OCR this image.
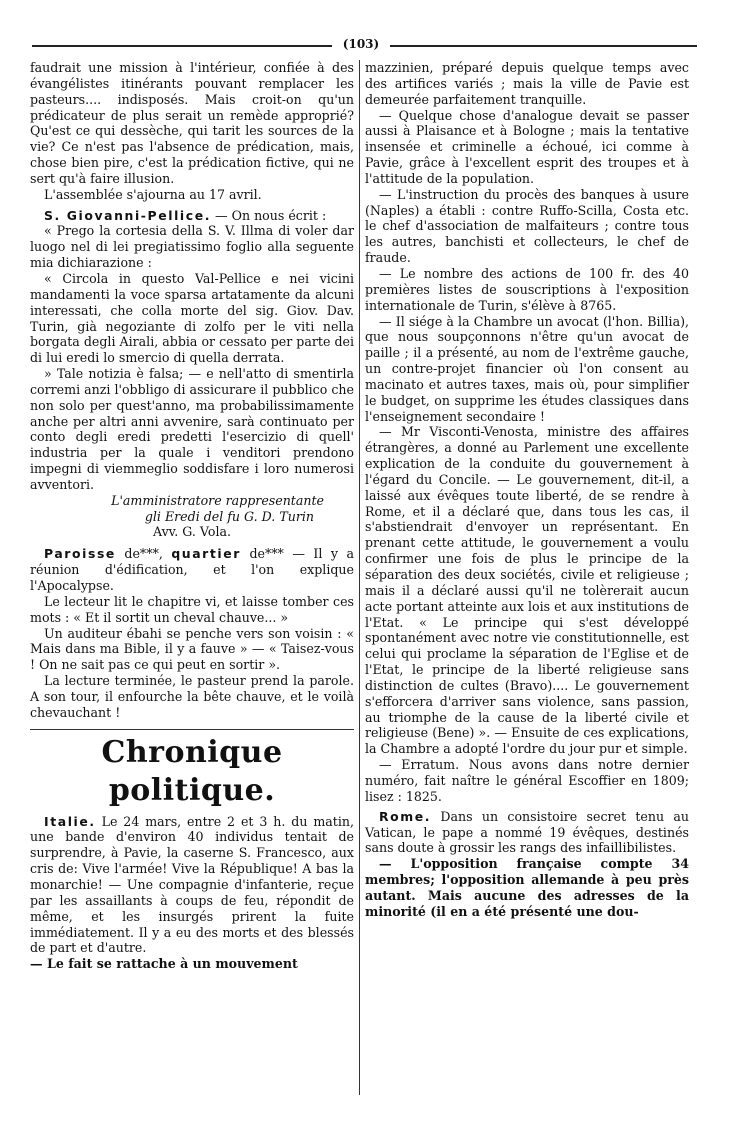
(103)

faudrait une mission à l'intérieur, confiée à des évangélistes itinérants pouvant remplacer les pasteurs.... indisposés. Mais croit-on qu'un prédicateur de plus serait un remède approprié? Qu'est ce qui dessèche, qui tarit les sources de la vie? Ce n'est pas l'absence de prédication, mais, chose bien pire, c'est la prédication fictive, qui ne sert qu'à faire illusion.

L'assemblée s'ajourna au 17 avril.

S. Giovanni-Pellice. — On nous écrit :

« Prego la cortesia della S. V. Illma di voler dar luogo nel di lei pregiatissimo foglio alla seguente mia dichiarazione :

« Circola in questo Val-Pellice e nei vicini mandamenti la voce sparsa artatamente da alcuni interessati, che colla morte del sig. Giov. Dav. Turin, già negoziante di zolfo per le viti nella borgata degli Airali, abbia or cessato per parte dei di lui eredi lo smercio di quella derrata.

» Tale notizia è falsa; — e nell'atto di smentirla corremi anzi l'obbligo di assicurare il pubblico che non solo per quest'anno, ma probabilissimamente anche per altri anni avvenire, sarà continuato per conto degli eredi predetti l'esercizio di quell' industria per la quale i venditori prendono impegni di viemmeglio soddisfare i loro numerosi avventori.

L'amministratore rappresentante

gli Eredi del fu G. D. Turin

Avv. G. Vola.

Paroisse de***, quartier de*** — Il y a réunion d'édification, et l'on explique l'Apocalypse.

Le lecteur lit le chapitre vi, et laisse tomber ces mots : « Et il sortit un cheval chauve... »

Un auditeur ébahi se penche vers son voisin : « Mais dans ma Bible, il y a fauve » — « Taisez-vous ! On ne sait pas ce qui peut en sortir ».

La lecture terminée, le pasteur prend la parole. A son tour, il enfourche la bête chauve, et le voilà chevauchant !

Chronique politique.

Italie. Le 24 mars, entre 2 et 3 h. du matin, une bande d'environ 40 individus tentait de surprendre, à Pavie, la caserne S. Francesco, aux cris de: Vive l'armée! Vive la République! A bas la monarchie! — Une compagnie d'infanterie, reçue par les assaillants à coups de feu, répondit de même, et les insurgés prirent la fuite immédiatement. Il y a eu des morts et des blessés de part et d'autre.

— Le fait se rattache à un mouvement

mazzinien, préparé depuis quelque temps avec des artifices variés ; mais la ville de Pavie est demeurée parfaitement tranquille.

— Quelque chose d'analogue devait se passer aussi à Plaisance et à Bologne ; mais la tentative insensée et criminelle a échoué, ici comme à Pavie, grâce à l'excellent esprit des troupes et à l'attitude de la population.

— L'instruction du procès des banques à usure (Naples) a établi : contre Ruffo-Scilla, Costa etc. le chef d'association de malfaiteurs ; contre tous les autres, banchisti et collecteurs, le chef de fraude.

— Le nombre des actions de 100 fr. des 40 premières listes de souscriptions à l'exposition internationale de Turin, s'élève à 8765.

— Il siége à la Chambre un avocat (l'hon. Billia), que nous soupçonnons n'être qu'un avocat de paille ; il a présenté, au nom de l'extrême gauche, un contre-projet financier où l'on consent au macinato et autres taxes, mais où, pour simplifier le budget, on supprime les études classiques dans l'enseignement secondaire !

— Mr Visconti-Venosta, ministre des affaires étrangères, a donné au Parlement une excellente explication de la conduite du gouvernement à l'égard du Concile. — Le gouvernement, dit-il, a laissé aux évêques toute liberté, de se rendre à Rome, et il a déclaré que, dans tous les cas, il s'abstiendrait d'envoyer un représentant. En prenant cette attitude, le gouvernement a voulu confirmer une fois de plus le principe de la séparation des deux sociétés, civile et religieuse ; mais il a déclaré aussi qu'il ne tolèrerait aucun acte portant atteinte aux lois et aux institutions de l'Etat. « Le principe qui s'est développé spontanément avec notre vie constitutionnelle, est celui qui proclame la séparation de l'Eglise et de l'Etat, le principe de la liberté religieuse sans distinction de cultes (Bravo).... Le gouvernement s'efforcera d'arriver sans violence, sans passion, au triomphe de la cause de la liberté civile et religieuse (Bene) ». — Ensuite de ces explications, la Chambre a adopté l'ordre du jour pur et simple.

— Erratum. Nous avons dans notre dernier numéro, fait naître le général Escoffier en 1809; lisez : 1825.

Rome. Dans un consistoire secret tenu au Vatican, le pape a nommé 19 évêques, destinés sans doute à grossir les rangs des infaillibilistes.

— L'opposition française compte 34 membres; l'opposition allemande à peu près autant. Mais aucune des adresses de la minorité (il en a été présenté une dou-
